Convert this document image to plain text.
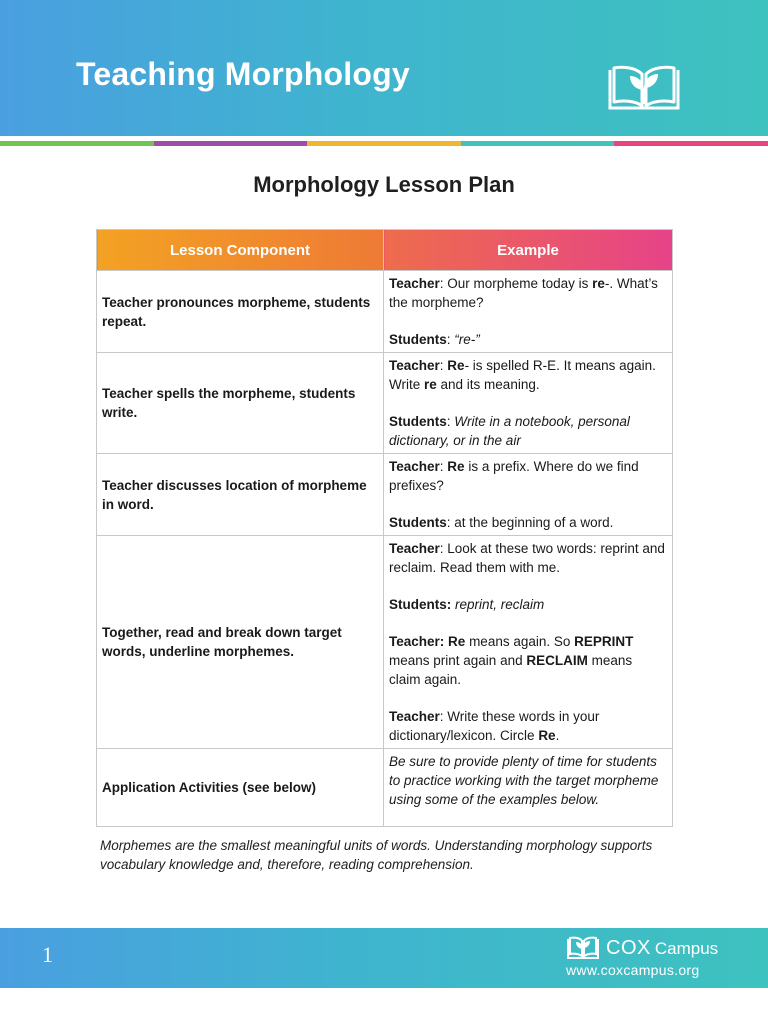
Teaching Morphology
Morphology Lesson Plan
Lesson Component	Example
Teacher pronounces morpheme, students repeat.	Teacher: Our morpheme today is re-. What’s the morpheme?

Students: “re-”

Teacher spells the morpheme, students write.	Teacher: Re- is spelled R-E. It means again. Write re and its meaning.

Students: Write in a notebook, personal dictionary, or in the air

Teacher discusses location of morpheme in word.	Teacher: Re is a prefix. Where do we find prefixes?

Students: at the beginning of a word.

Together, read and break down target words, underline morphemes.	Teacher: Look at these two words: reprint and reclaim. Read them with me.

Students: reprint, reclaim

Teacher: Re means again. So REPRINT means print again and RECLAIM means claim again.

Teacher: Write these words in your dictionary/lexicon. Circle Re.

Application Activities (see below)	Be sure to provide plenty of time for students to practice working with the target morpheme using some of the examples below.

Morphemes are the smallest meaningful units of words. Understanding morphology supports vocabulary knowledge and, therefore, reading comprehension.
1	COX Campus
www.coxcampus.org
